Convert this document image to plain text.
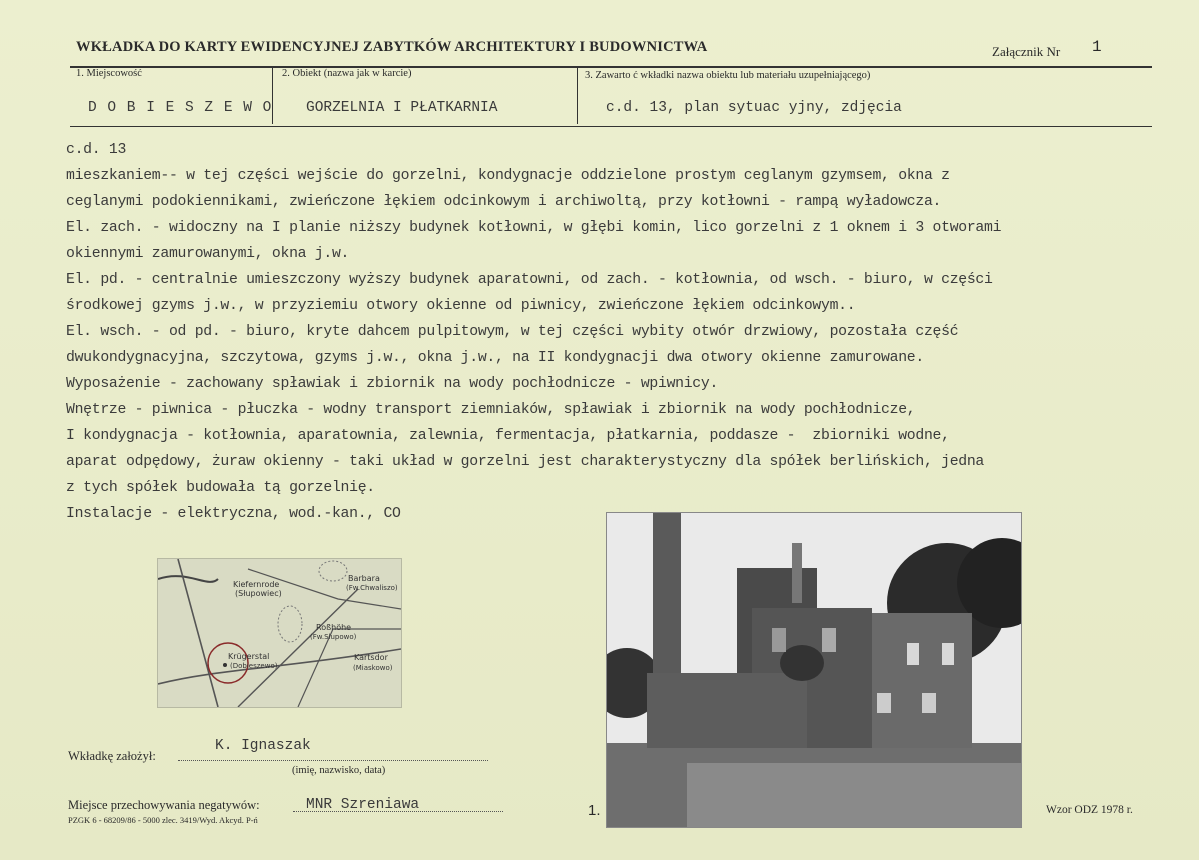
WKŁADKA DO KARTY EWIDENCYJNEJ ZABYTKÓW ARCHITEKTURY I BUDOWNICTWA	Załącznik Nr 1
1. Miejscowość	2. Obiekt (nazwa jak w karcie)	3. Zawarto ć wkładki nazwa obiektu lub materiału uzupełniającego)
D O B I E S Z E W O GORZELNIA I PŁATKARNIA	c.d. 13, plan sytuac yjny, zdjęcia
c.d. 13
mieszkaniem-- w tej części wejście do gorzelni, kondygnacje oddzielone prostym ceglanym gzymsem, okna z
ceglanymi podokiennikami, zwieńczone łękiem odcinkowym i archiwoltą, przy kotłowni - rampą wyładowcza.
El. zach. - widoczny na I planie niższy budynek kotłowni, w głębi komin, lico gorzelni z 1 oknem i 3 otworami
okiennymi zamurowanymi, okna j.w.
El. pd. - centralnie umieszczony wyższy budynek aparatowni, od zach. - kotłownia, od wsch. - biuro, w części
środkowej gzyms j.w., w przyziemiu otwory okienne od piwnicy, zwieńczone łękiem odcinkowym..
El. wsch. - od pd. - biuro, kryte dahcem pulpitowym, w tej części wybity otwór drzwiowy, pozostała część
dwukondygnacyjna, szczytowa, gzyms j.w., okna j.w., na II kondygnacji dwa otwory okienne zamurowane.
Wyposażenie - zachowany spławiak i zbiornik na wody pochłodnicze - wpiwnicy.
Wnętrze - piwnica - płuczka - wodny transport ziemniaków, spławiak i zbiornik na wody pochłodnicze,
I kondygnacja - kotłownia, aparatownia, zalewnia, fermentacja, płatkarnia, poddasze -  zbiorniki wodne,
aparat odpędowy, żuraw okienny - taki układ w gorzelni jest charakterystyczny dla spółek berlińskich, jedna
z tych spółek budowała tą gorzelnię.
Instalacje - elektryczna, wod.-kan., CO
Kiefernrode
(Słupowiec)
Barbara
(Fw.Chwaliszo)
Roßhöhe
(Fw.Słupowo)
Krügerstal
(Dobieszewo)
Kartsdor
(Miaskowo)
Wkładkę założył:
K. Ignaszak
(imię, nazwisko, data)
Miejsce przechowywania negatywów:	MNR Szreniawa
PZGK 6 - 68209/86 - 5000 zlec. 3419/Wyd. Akcyd. P-ń
1.	Wzor ODZ 1978 r.
